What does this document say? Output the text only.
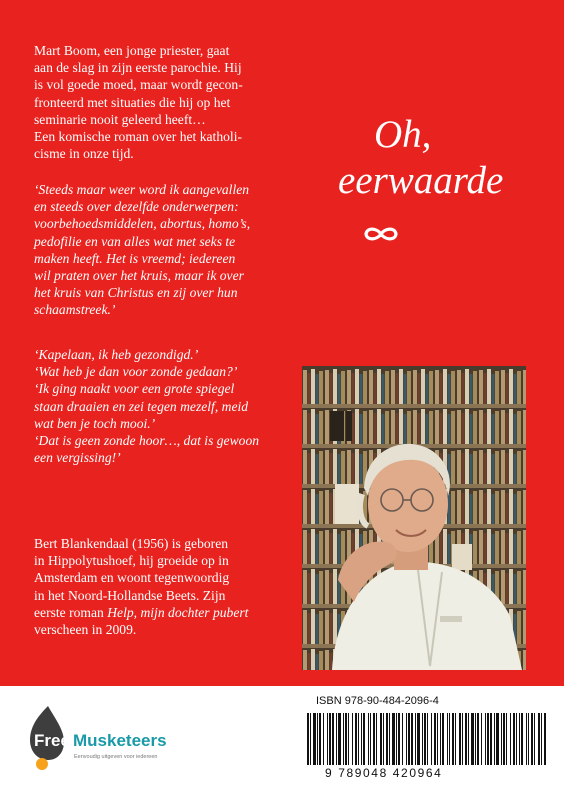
Mart Boom, een jonge priester, gaat
aan de slag in zijn eerste parochie. Hij
is vol goede moed, maar wordt gecon-
fronteerd met situaties die hij op het
seminarie nooit geleerd heeft…
Een komische roman over het katholi-
cisme in onze tijd.

‘Steeds maar weer word ik aangevallen
en steeds over dezelfde onderwerpen:
voorbehoedsmiddelen, abortus, homo’s,
pedofilie en van alles wat met seks te
maken heeft. Het is vreemd; iedereen
wil praten over het kruis, maar ik over
het kruis van Christus en zij over hun
schaamstreek.’

‘Kapelaan, ik heb gezondigd.’
‘Wat heb je dan voor zonde gedaan?’
‘Ik ging naakt voor een grote spiegel
staan draaien en zei tegen mezelf, meid
wat ben je toch mooi.’
‘Dat is geen zonde hoor…, dat is gewoon
een vergissing!’

Bert Blankendaal (1956) is geboren
in Hippolytushoef, hij groeide op in
Amsterdam en woont tegenwoordig
in het Noord-Hollandse Beets. Zijn
eerste roman Help, mijn dochter pubert
verscheen in 2009.

Oh,
eerwaarde
Free Musketeers
Eenvoudig uitgeven voor iedereen

ISBN 978-90-484-2096-4

9 789048 420964
